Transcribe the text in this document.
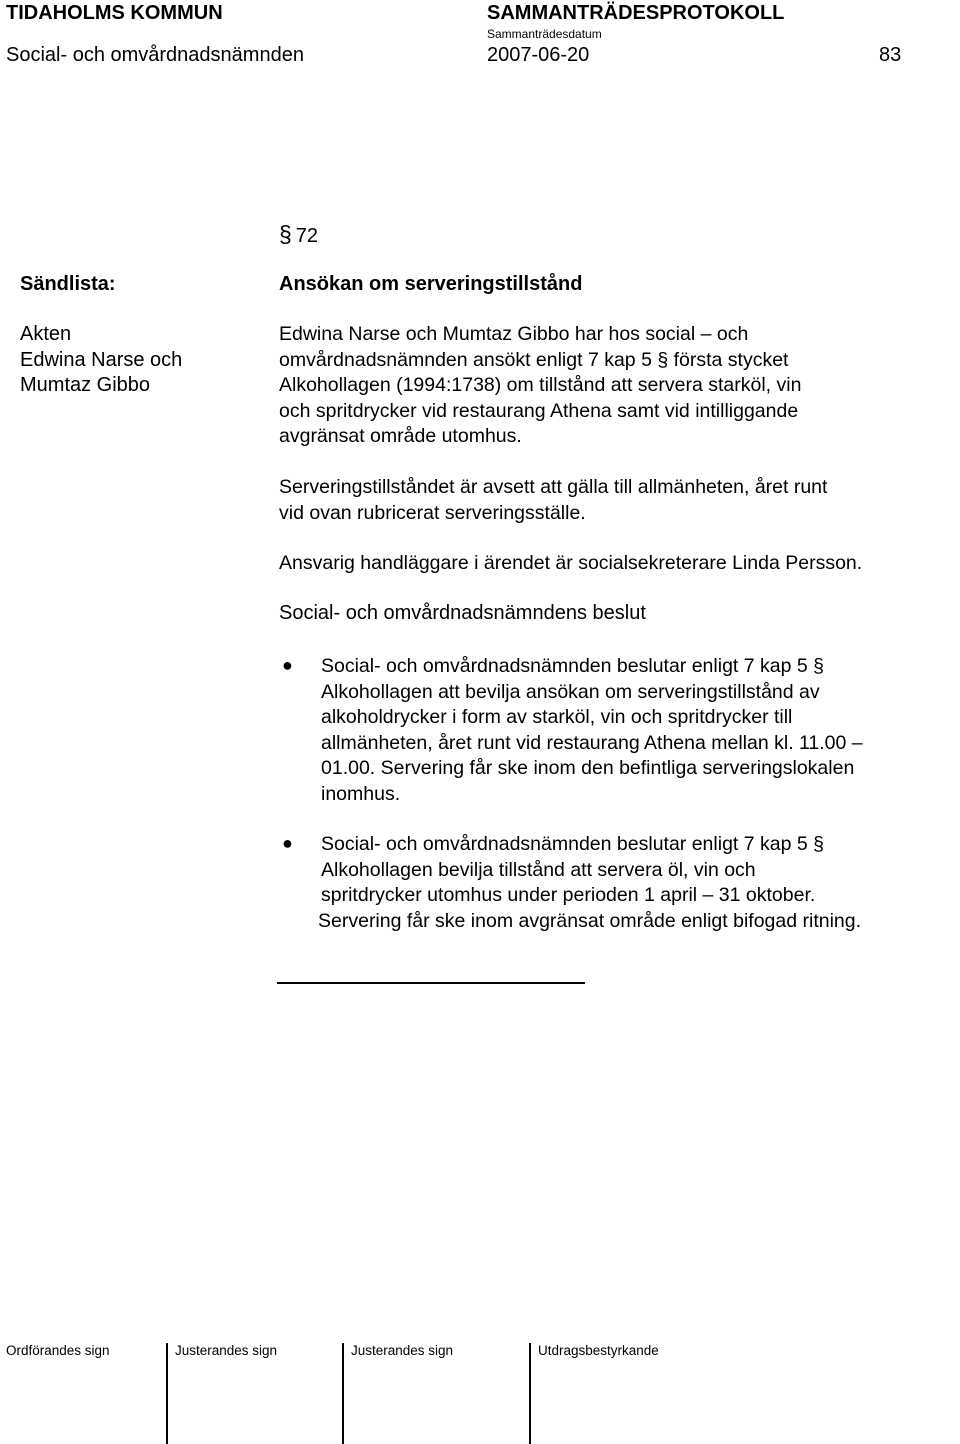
TIDAHOLMS KOMMUN	SAMMANTRÄDESPROTOKOLL
Sammanträdesdatum
Social- och omvårdnadsnämnden	2007-06-20	83
§ 72
Sändlista:
Akten
Edwina Narse och
Mumtaz Gibbo
Ansökan om serveringstillstånd
Edwina Narse och Mumtaz Gibbo har hos social – och
omvårdnadsnämnden ansökt enligt 7 kap 5 § första stycket
Alkohollagen (1994:1738) om tillstånd att servera starköl, vin
och spritdrycker vid restaurang Athena samt vid intilliggande
avgränsat område utomhus.
Serveringstillståndet är avsett att gälla till allmänheten, året runt
vid ovan rubricerat serveringsställe.
Ansvarig handläggare i ärendet är socialsekreterare Linda Persson.
Social- och omvårdnadsnämndens beslut
● Social- och omvårdnadsnämnden beslutar enligt 7 kap 5 §
Alkohollagen att bevilja ansökan om serveringstillstånd av
alkoholdrycker i form av starköl, vin och spritdrycker till
allmänheten, året runt vid restaurang Athena mellan kl. 11.00 –
01.00. Servering får ske inom den befintliga serveringslokalen
inomhus.
● Social- och omvårdnadsnämnden beslutar enligt 7 kap 5 §
Alkohollagen bevilja tillstånd att servera öl, vin och
spritdrycker utomhus under perioden 1 april – 31 oktober.
Servering får ske inom avgränsat område enligt bifogad ritning.
Ordförandes sign	Justerandes sign	Justerandes sign	Utdragsbestyrkande
